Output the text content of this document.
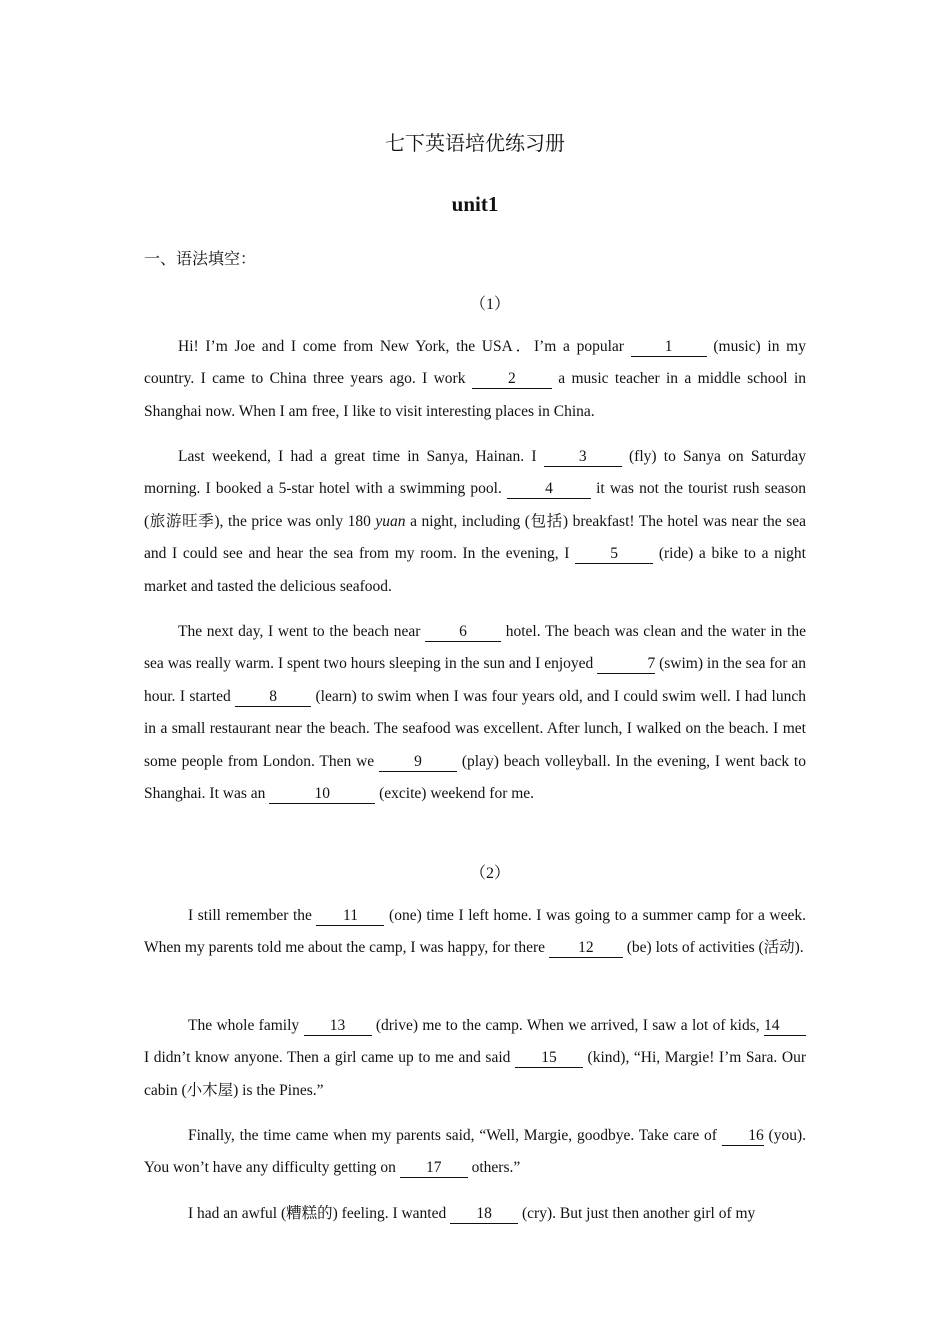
七下英语培优练习册
unit1
一、语法填空：
（1）
Hi! I’m Joe and I come from New York, the USA．I’m a popular 1 (music) in my country. I came to China three years ago. I work 2 a music teacher in a middle school in Shanghai now. When I am free, I like to visit interesting places in China.
Last weekend, I had a great time in Sanya, Hainan. I 3 (fly) to Sanya on Saturday morning. I booked a 5-star hotel with a swimming pool. 4 it was not the tourist rush season (旅游旺季), the price was only 180 yuan a night, including (包括) breakfast! The hotel was near the sea and I could see and hear the sea from my room. In the evening, I 5 (ride) a bike to a night market and tasted the delicious seafood.
The next day, I went to the beach near 6 hotel. The beach was clean and the water in the sea was really warm. I spent two hours sleeping in the sun and I enjoyed	7 (swim) in the sea for an hour. I started 8 (learn) to swim when I was four years old, and I could swim well. I had lunch in a small restaurant near the beach. The seafood was excellent. After lunch, I walked on the beach. I met some people from London. Then we 9 (play) beach volleyball. In the evening, I went back to Shanghai. It was an	10	(excite) weekend for me.
（2）
I still remember the 11 (one) time I left home. I was going to a summer camp for a week. When my parents told me about the camp, I was happy, for there 12 (be) lots of activities (活动).
The whole family 13 (drive) me to the camp. When we arrived, I saw a lot of kids, 14 I didn’t know anyone. Then a girl came up to me and said 15 (kind), “Hi, Margie! I’m Sara. Our cabin (小木屋) is the Pines.”
Finally, the time came when my parents said, “Well, Margie, goodbye. Take care of 16 (you). You won’t have any difficulty getting on 17 others.”
I had an awful (糟糕的) feeling. I wanted 18 (cry). But just then another girl of my
